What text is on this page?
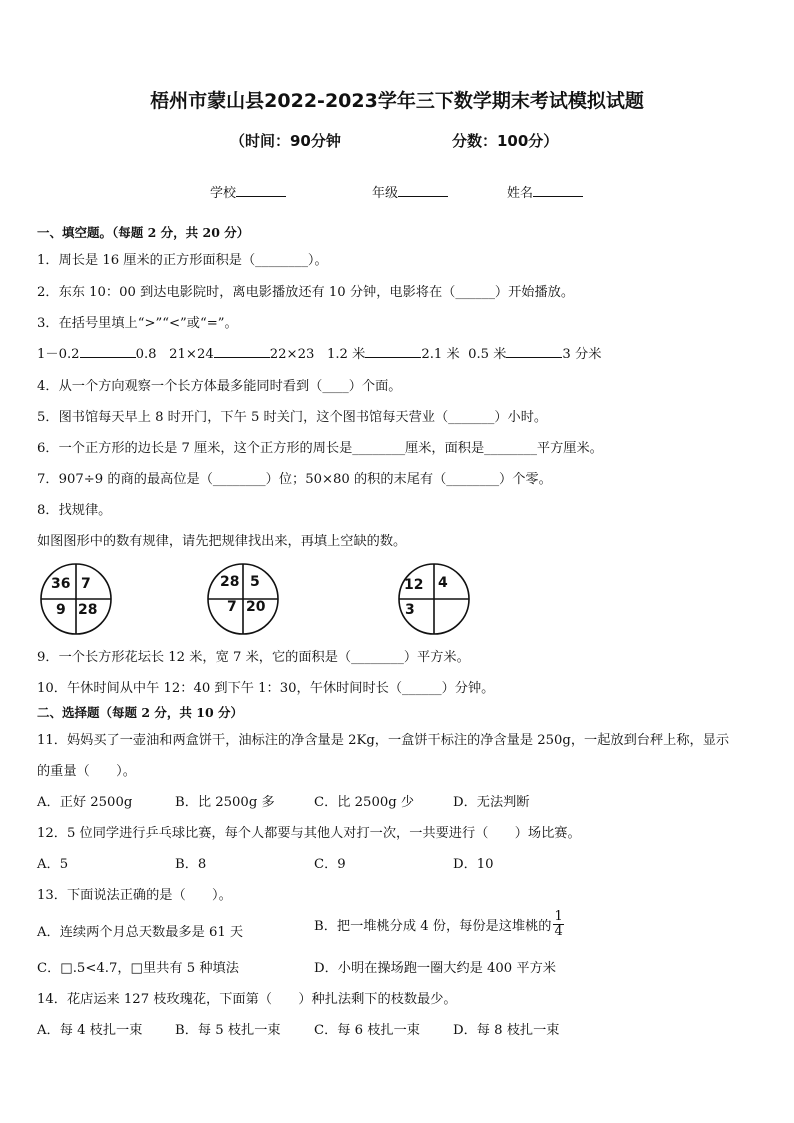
梧州市蒙山县2022-2023学年三下数学期末考试模拟试题
（时间：90分钟	分数：100分）
学校	年级	姓名
一、填空题。（每题 2 分，共 20 分）
1．周长是 16 厘米的正方形面积是（________）。
2．东东 10：00 到达电影院时，离电影播放还有 10 分钟，电影将在（______）开始播放。
3．在括号里填上“>”“<”或“=”。
1－0.2	0.8 21×24	22×23 1.2 米	2.1 米 0.5 米	3 分米
4．从一个方向观察一个长方体最多能同时看到（____）个面。
5．图书馆每天早上 8 时开门，下午 5 时关门，这个图书馆每天营业（_______）小时。
6．一个正方形的边长是 7 厘米，这个正方形的周长是________厘米，面积是________平方厘米。
7．907÷9 的商的最高位是（________）位；50×80 的积的末尾有（________）个零。
8．找规律。
如图图形中的数有规律，请先把规律找出来，再填上空缺的数。
36 7
9 28
28 5
7 20
12 4
3
9．一个长方形花坛长 12 米，宽 7 米，它的面积是（________）平方米。
10．午休时间从中午 12：40 到下午 1：30，午休时间时长（______）分钟。
二、选择题（每题 2 分，共 10 分）
11．妈妈买了一壶油和两盒饼干，油标注的净含量是 2Kg，一盒饼干标注的净含量是 250g，一起放到台秤上称，显示
的重量（　　）。
A．正好 2500g	B．比 2500g 多	C．比 2500g 少	D．无法判断
12．5 位同学进行乒乓球比赛，每个人都要与其他人对打一次，一共要进行（　　）场比赛。
A．5	B．8	C．9	D．10
13．下面说法正确的是（　　）。
A．连续两个月总天数最多是 61 天	B．把一堆桃分成 4 份，每份是这堆桃的 $\frac{1}{4}$
C．□.5<4.7，□里共有 5 种填法	D．小明在操场跑一圈大约是 400 平方米
14．花店运来 127 枝玫瑰花，下面第（　　）种扎法剩下的枝数最少。
A．每 4 枝扎一束 B．每 5 枝扎一束	C．每 6 枝扎一束	D．每 8 枝扎一束
